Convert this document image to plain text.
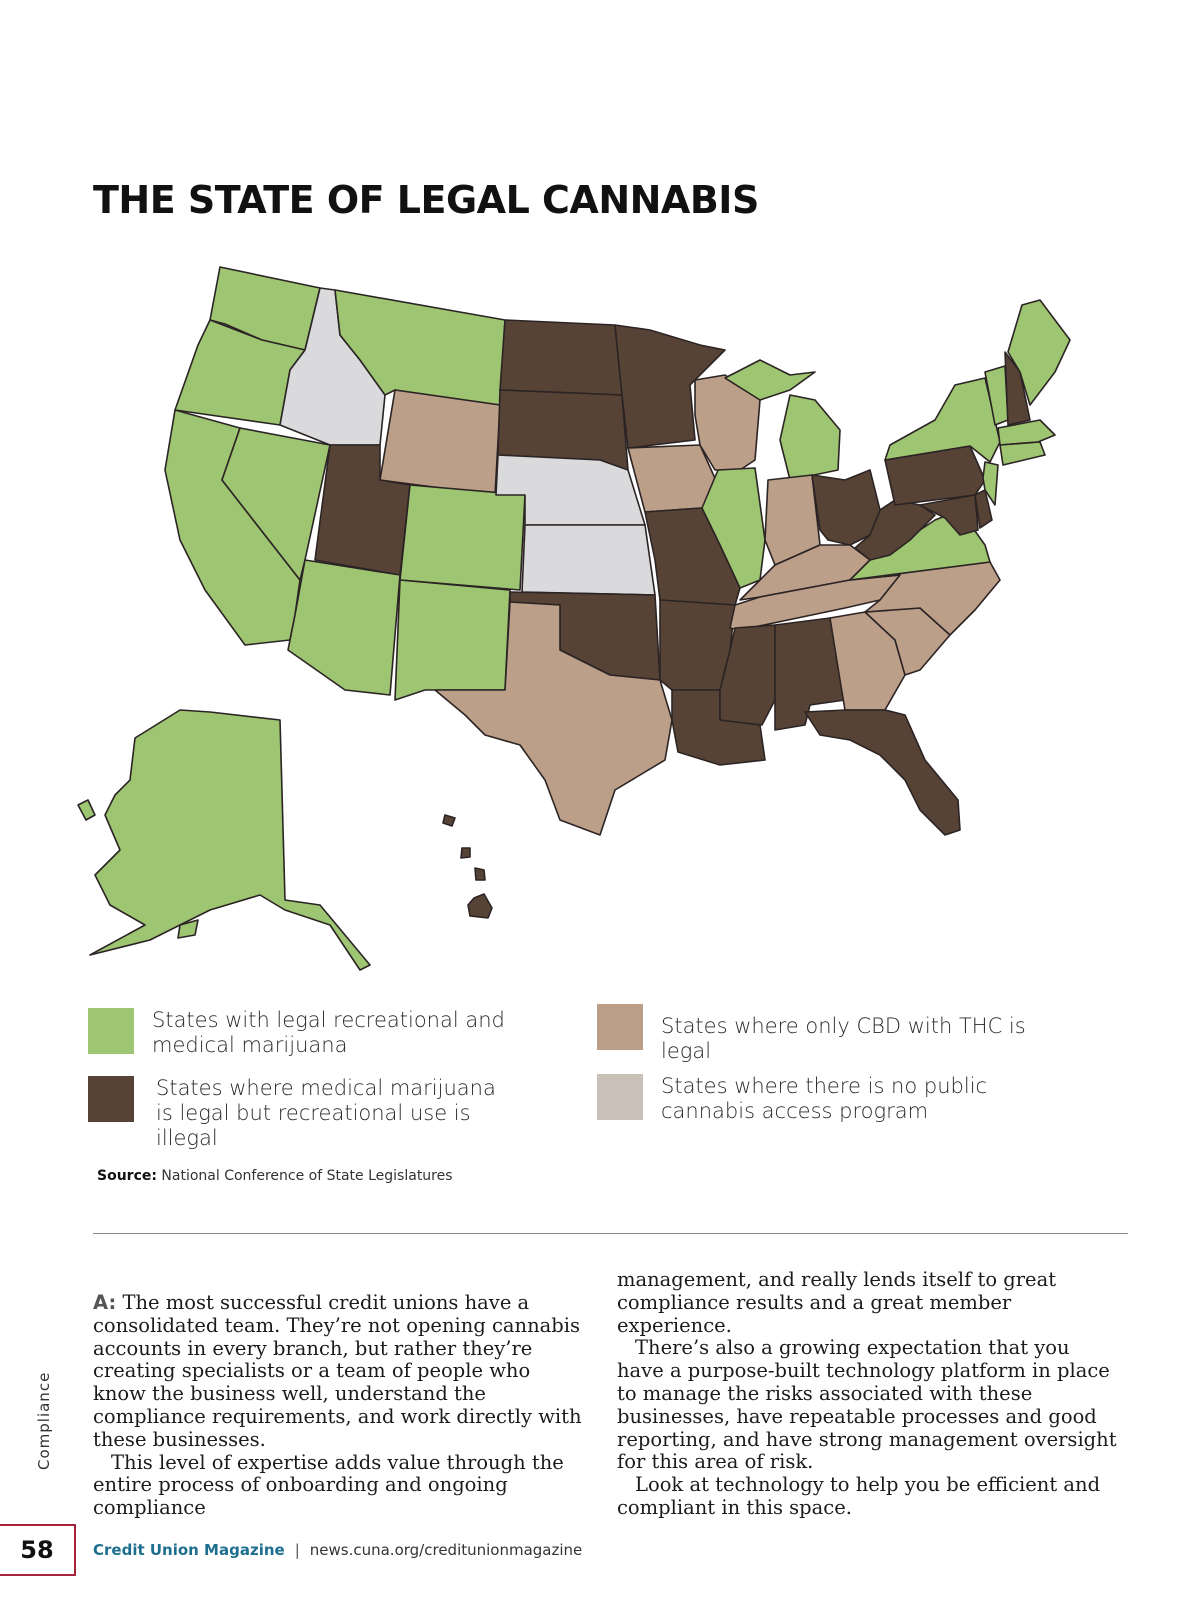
THE STATE OF LEGAL CANNABIS
States with legal recreational and medical marijuana
States where only CBD with THC is legal
States where medical marijuana is legal but recreational use is illegal
States where there is no public cannabis access program
Source: National Conference of State Legislatures

A: The most successful credit unions have a consolidated team. They’re not opening cannabis accounts in every branch, but rather they’re creating specialists or a team of people who know the business well, understand the compliance requirements, and work directly with these businesses.

This level of expertise adds value through the entire process of onboarding and ongoing compliance

management, and really lends itself to great compliance results and a great member experience.

There’s also a growing expectation that you have a purpose-built technology platform in place to manage the risks associated with these businesses, have repeatable processes and good reporting, and have strong management oversight for this area of risk.

Look at technology to help you be efficient and compliant in this space.

Compliance
58	Credit Union Magazine | news.cuna.org/creditunionmagazine
